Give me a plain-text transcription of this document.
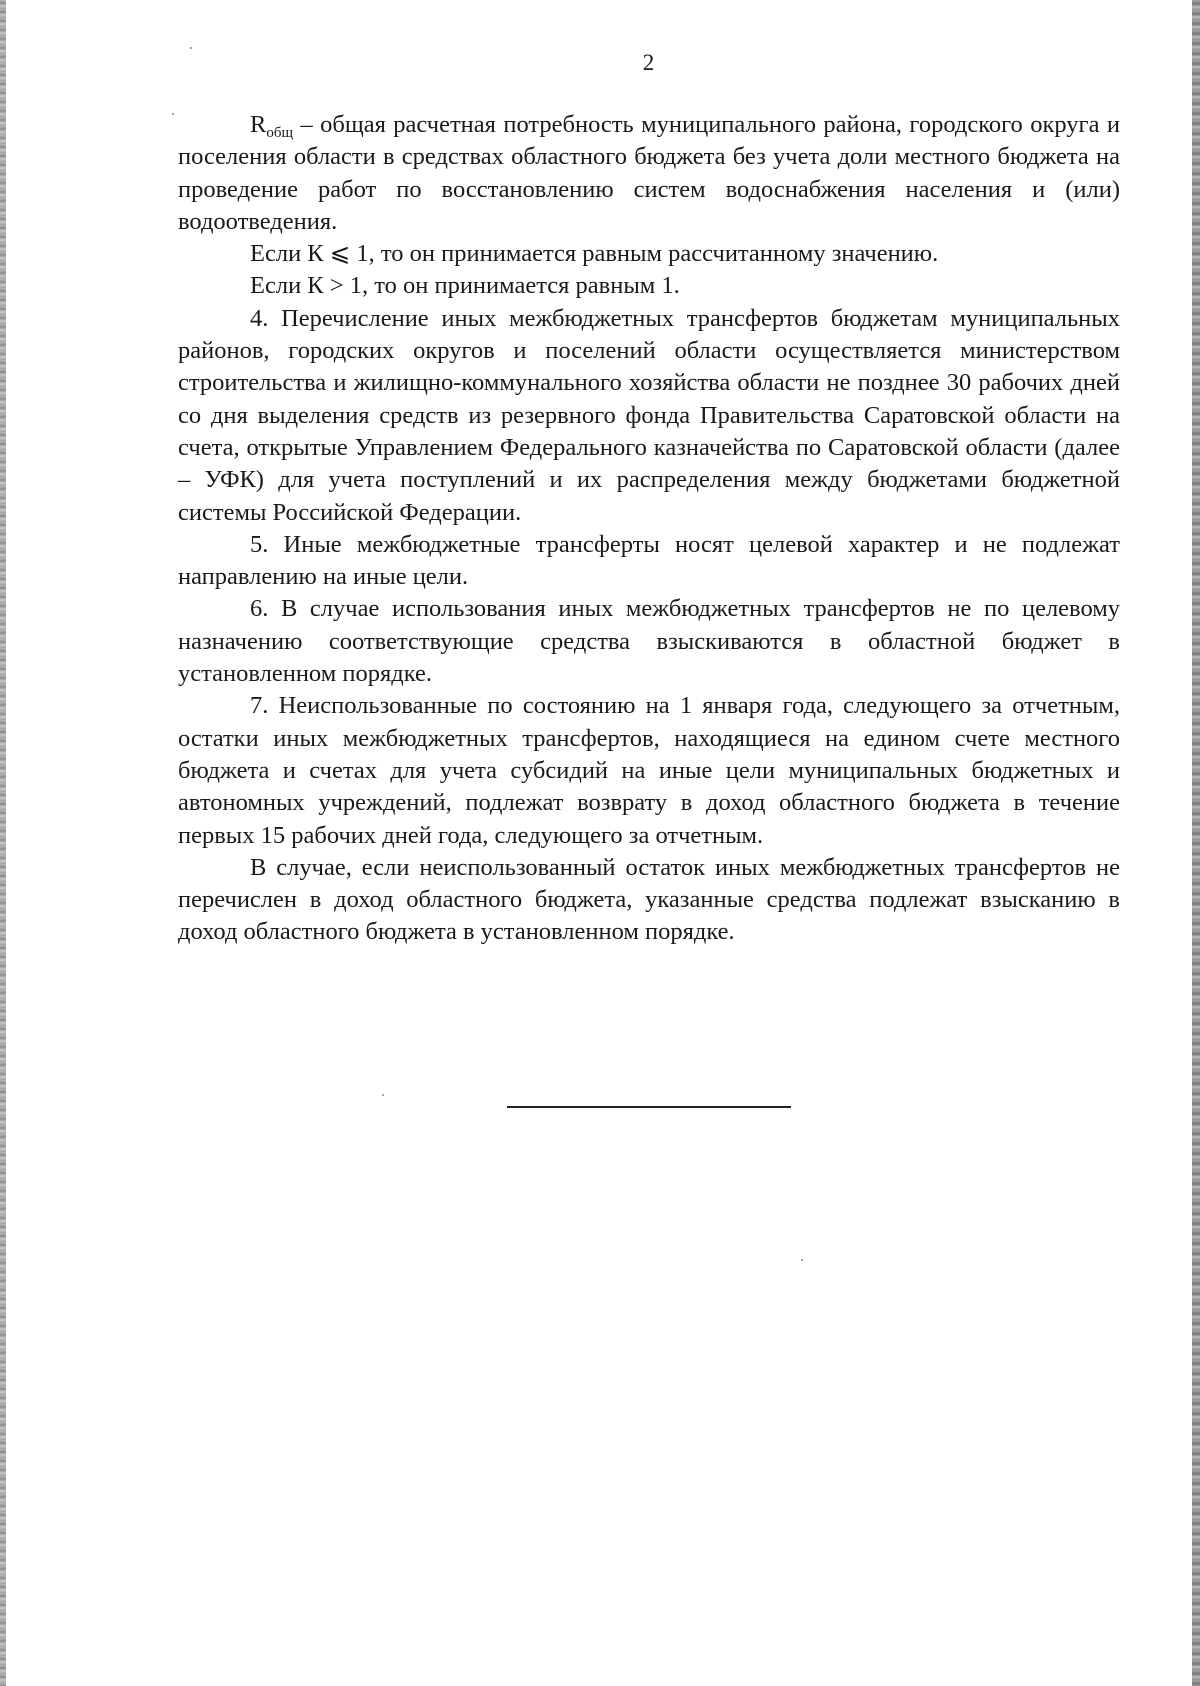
2

$R_{общ}$ – общая расчетная потребность муниципального района, городского округа и поселения области в средствах областного бюджета без учета доли местного бюджета на проведение работ по восстановлению систем водоснабжения населения и (или) водоотведения.

Если К ⩽ 1, то он принимается равным рассчитанному значению.

Если К > 1, то он принимается равным 1.

4. Перечисление иных межбюджетных трансфертов бюджетам муниципальных районов, городских округов и поселений области осуществляется министерством строительства и жилищно-коммунального хозяйства области не позднее 30 рабочих дней со дня выделения средств из резервного фонда Правительства Саратовской области на счета, открытые Управлением Федерального казначейства по Саратовской области (далее – УФК) для учета поступлений и их распределения между бюджетами бюджетной системы Российской Федерации.

5. Иные межбюджетные трансферты носят целевой характер и не подлежат направлению на иные цели.

6. В случае использования иных межбюджетных трансфертов не по целевому назначению соответствующие средства взыскиваются в областной бюджет в установленном порядке.

7. Неиспользованные по состоянию на 1 января года, следующего за отчетным, остатки иных межбюджетных трансфертов, находящиеся на едином счете местного бюджета и счетах для учета субсидий на иные цели муниципальных бюджетных и автономных учреждений, подлежат возврату в доход областного бюджета в течение первых 15 рабочих дней года, следующего за отчетным.

В случае, если неиспользованный остаток иных межбюджетных трансфертов не перечислен в доход областного бюджета, указанные средства подлежат взысканию в доход областного бюджета в установленном порядке.
